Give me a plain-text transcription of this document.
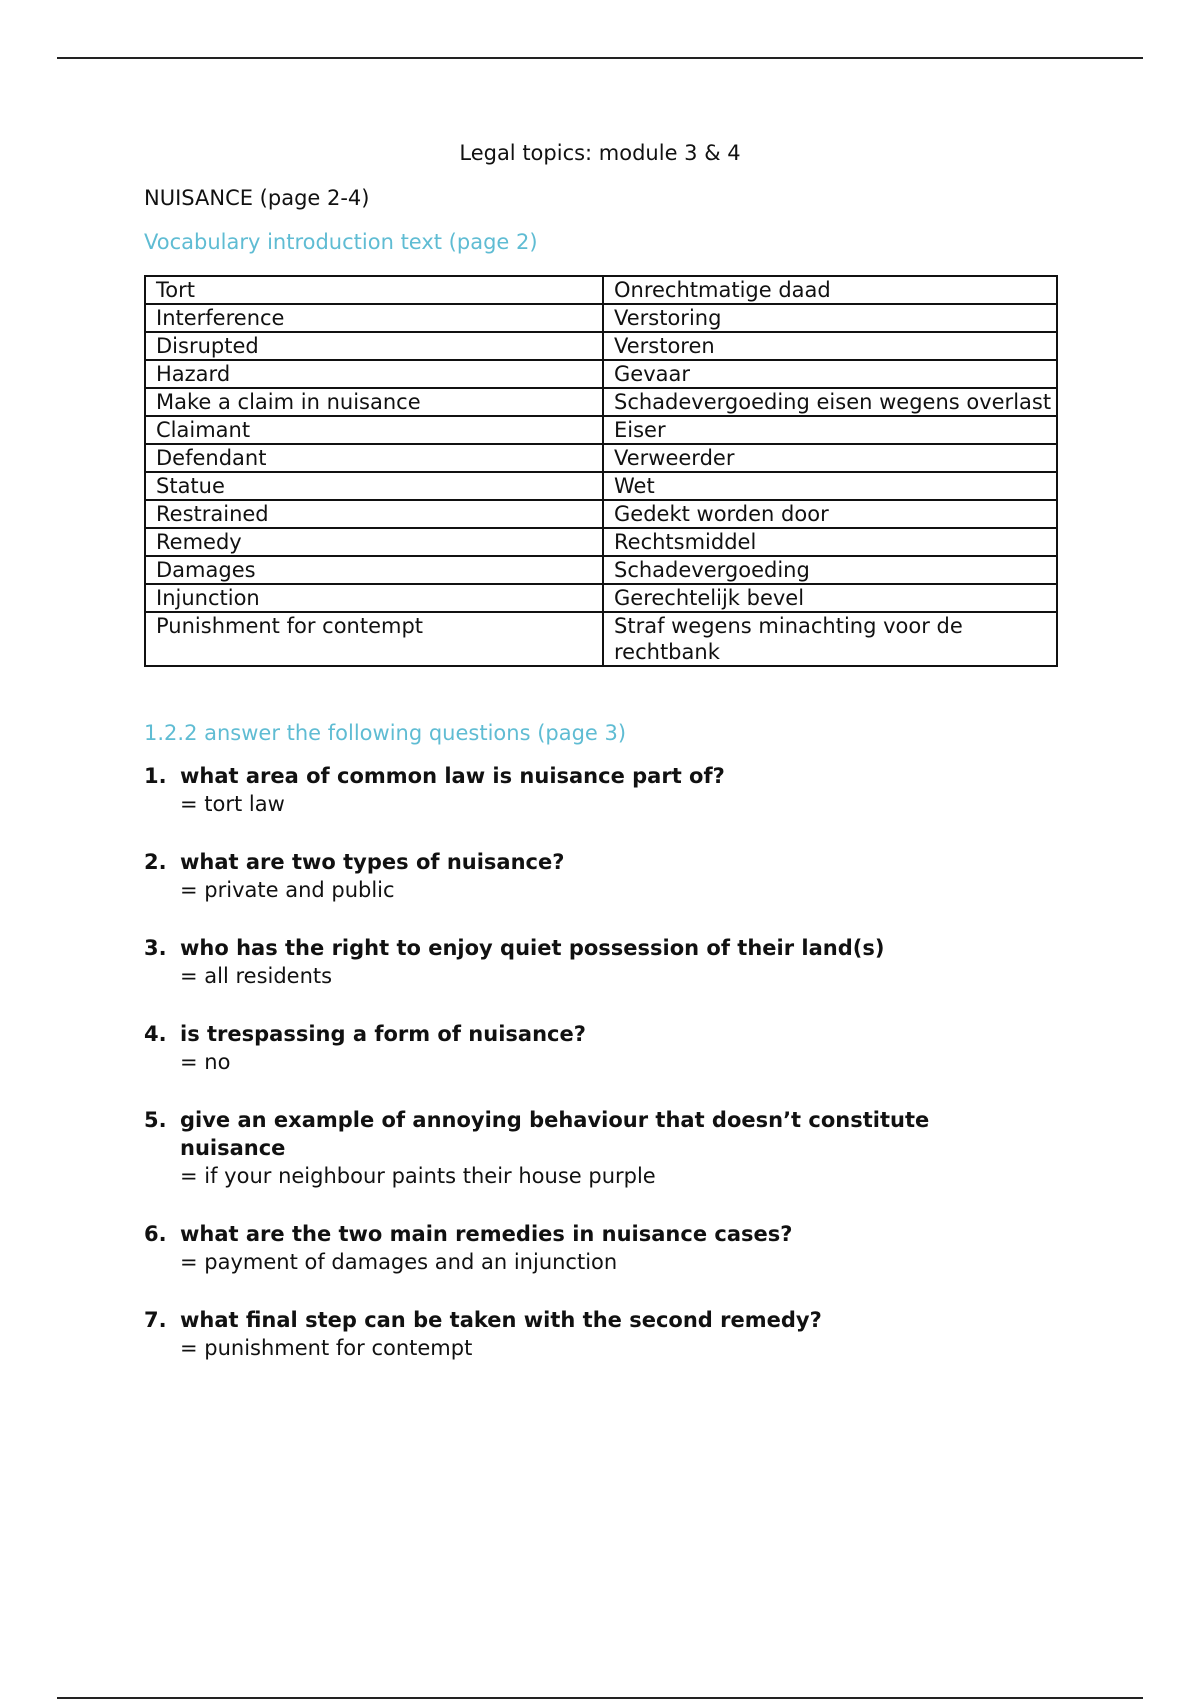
Legal topics: module 3 & 4
NUISANCE (page 2-4)
Vocabulary introduction text (page 2)
Tort	Onrechtmatige daad
Interference	Verstoring
Disrupted	Verstoren
Hazard	Gevaar
Make a claim in nuisance	Schadevergoeding eisen wegens overlast
Claimant	Eiser
Defendant	Verweerder
Statue	Wet
Restrained	Gedekt worden door
Remedy	Rechtsmiddel
Damages	Schadevergoeding
Injunction	Gerechtelijk bevel
Punishment for contempt	Straf wegens minachting voor de rechtbank
1.2.2 answer the following questions (page 3)
1. what area of common law is nuisance part of?
= tort law
2. what are two types of nuisance?
= private and public
3. who has the right to enjoy quiet possession of their land(s)
= all residents
4. is trespassing a form of nuisance?
= no
5. give an example of annoying behaviour that doesn’t constitute nuisance
= if your neighbour paints their house purple
6. what are the two main remedies in nuisance cases?
= payment of damages and an injunction
7. what final step can be taken with the second remedy?
= punishment for contempt
